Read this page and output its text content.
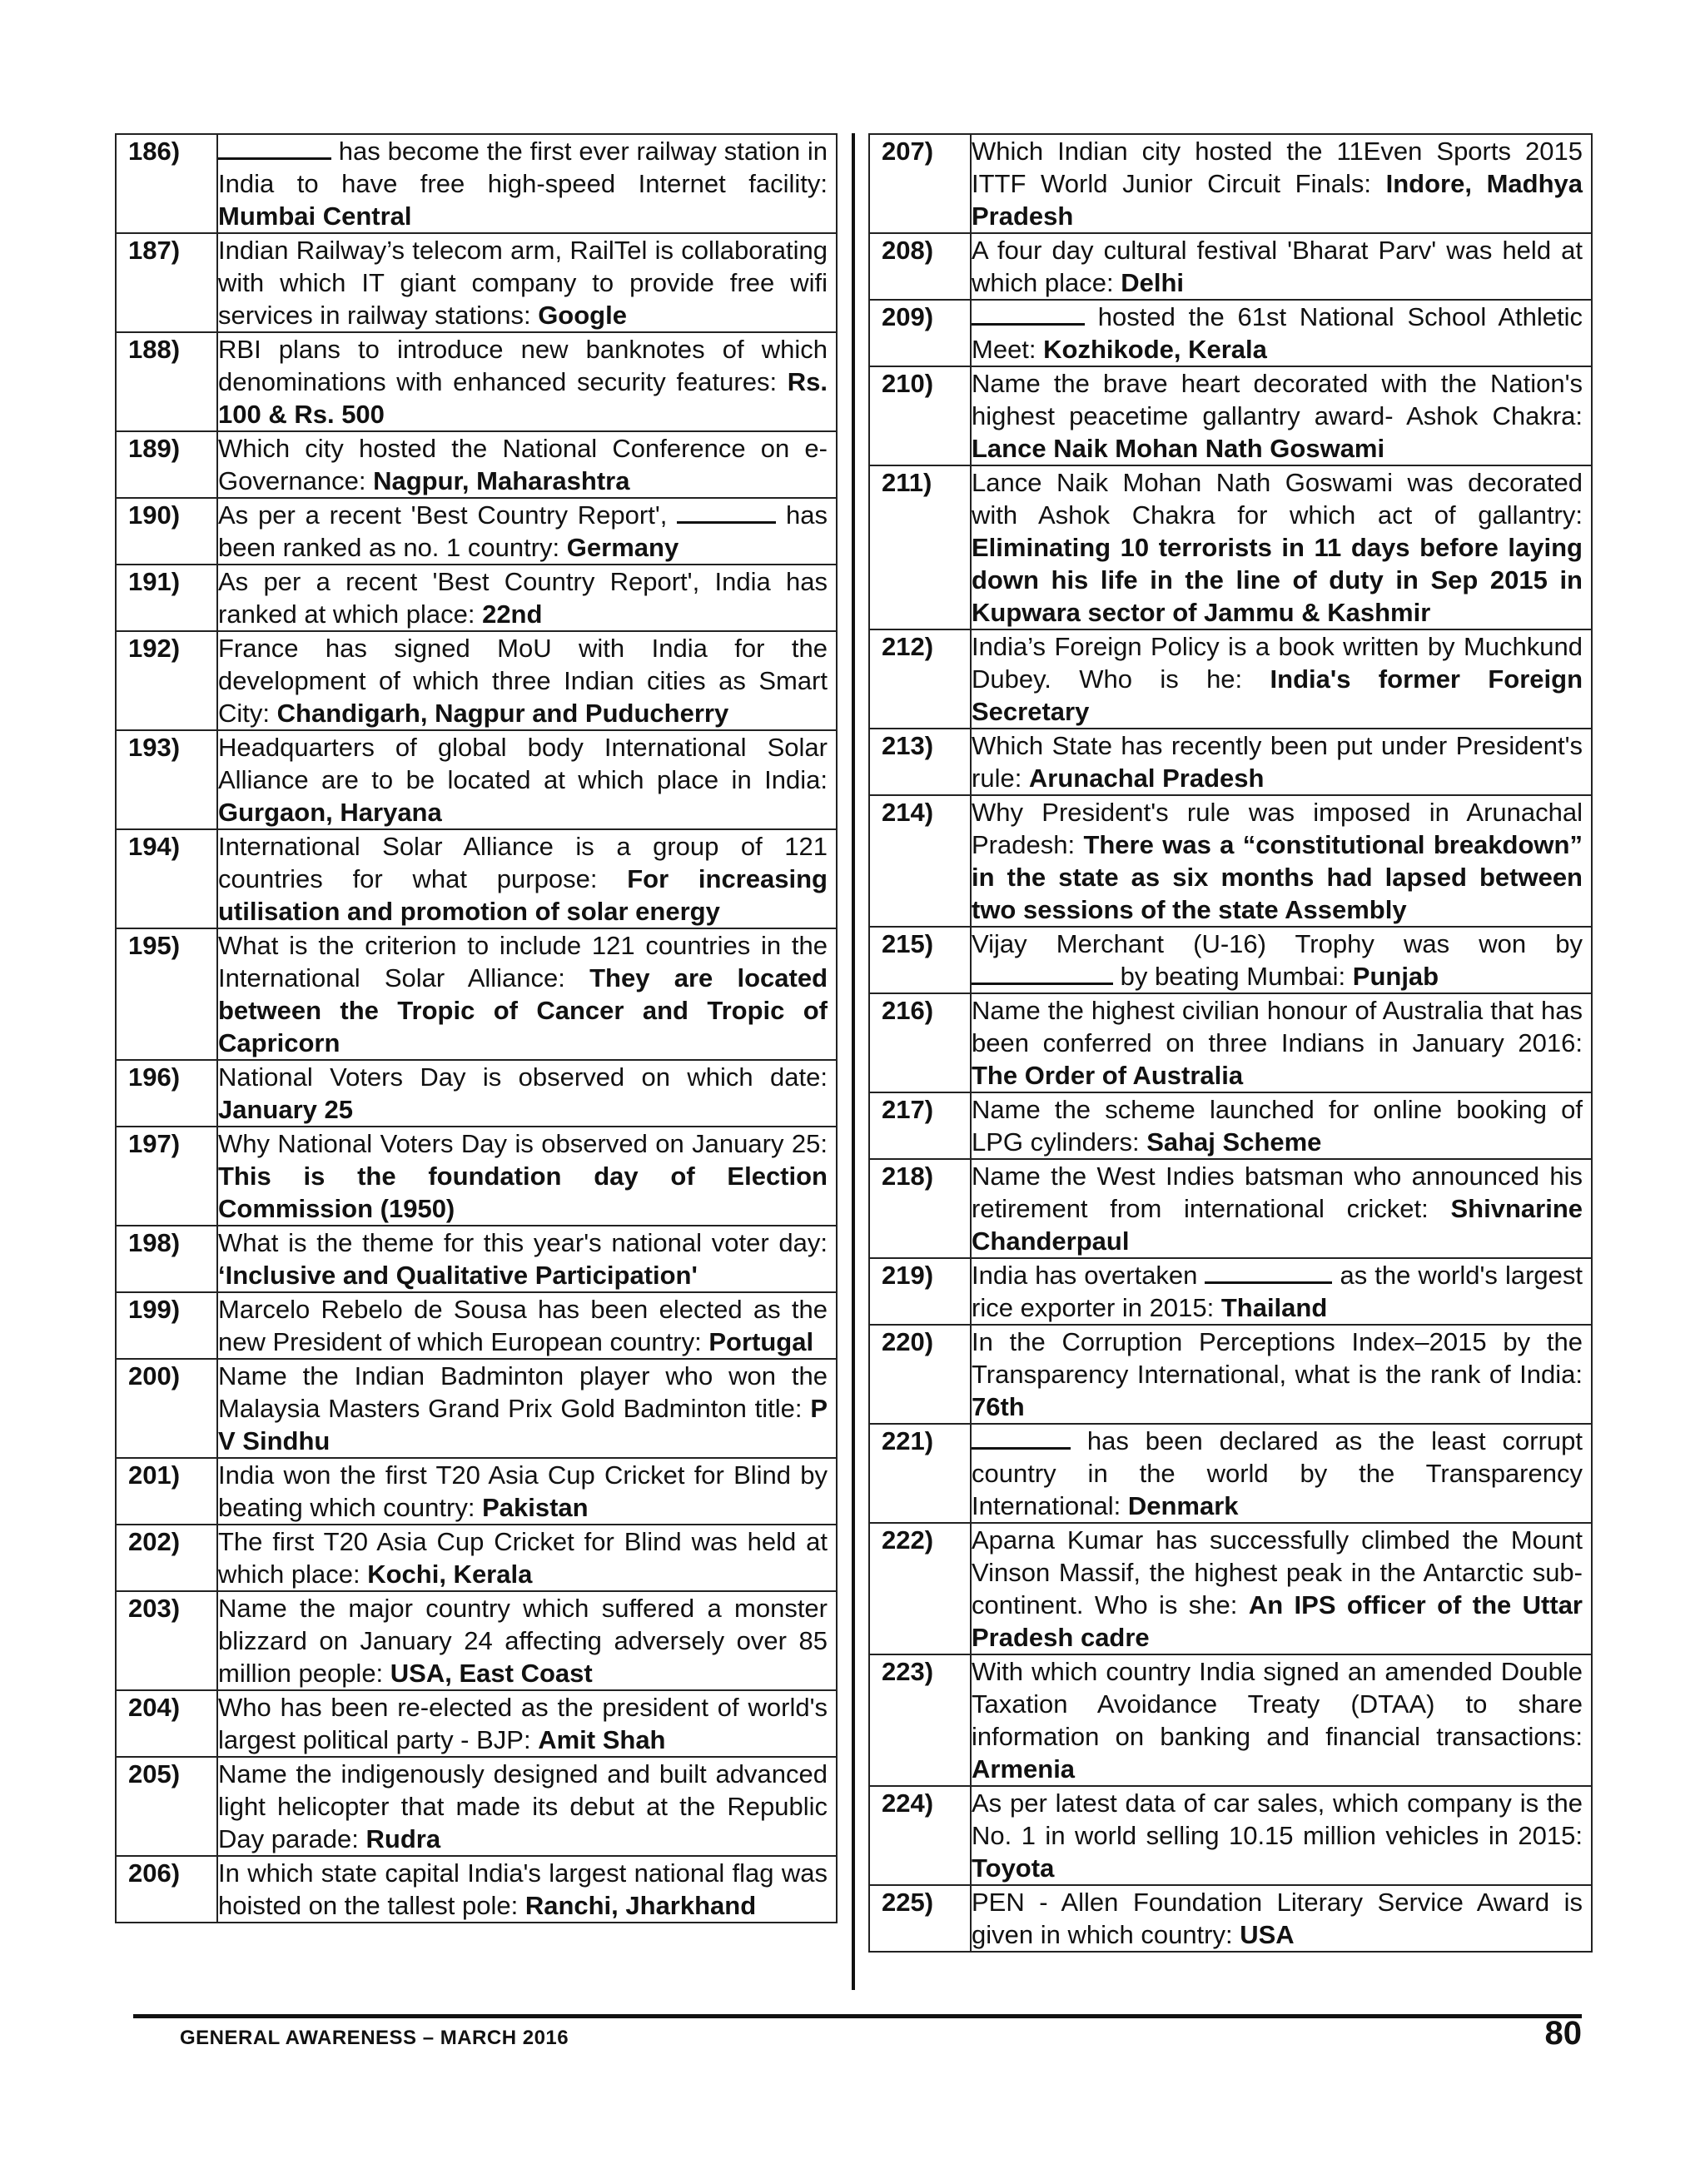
186)	has become the first ever railway station in India to have free high-speed Internet facility: Mumbai Central
187)	Indian Railway’s telecom arm, RailTel is collaborating with which IT giant company to provide free wifi services in railway stations: Google
188)	RBI plans to introduce new banknotes of which denominations with enhanced security features: Rs. 100 & Rs. 500
189)	Which city hosted the National Conference on e-Governance: Nagpur, Maharashtra
190)	As per a recent 'Best Country Report', has been ranked as no. 1 country: Germany
191)	As per a recent 'Best Country Report', India has ranked at which place: 22nd
192)	France has signed MoU with India for the development of which three Indian cities as Smart City: Chandigarh, Nagpur and Puducherry
193)	Headquarters of global body International Solar Alliance are to be located at which place in India: Gurgaon, Haryana
194)	International Solar Alliance is a group of 121 countries for what purpose: For increasing utilisation and promotion of solar energy
195)	What is the criterion to include 121 countries in the International Solar Alliance: They are located between the Tropic of Cancer and Tropic of Capricorn
196)	National Voters Day is observed on which date: January 25
197)	Why National Voters Day is observed on January 25: This is the foundation day of Election Commission (1950)
198)	What is the theme for this year's national voter day: ‘Inclusive and Qualitative Participation'
199)	Marcelo Rebelo de Sousa has been elected as the new President of which European country: Portugal
200)	Name the Indian Badminton player who won the Malaysia Masters Grand Prix Gold Badminton title: P V Sindhu
201)	India won the first T20 Asia Cup Cricket for Blind by beating which country: Pakistan
202)	The first T20 Asia Cup Cricket for Blind was held at which place: Kochi, Kerala
203)	Name the major country which suffered a monster blizzard on January 24 affecting adversely over 85 million people: USA, East Coast
204)	Who has been re-elected as the president of world's largest political party - BJP: Amit Shah
205)	Name the indigenously designed and built advanced light helicopter that made its debut at the Republic Day parade: Rudra
206)	In which state capital India's largest national flag was hoisted on the tallest pole: Ranchi, Jharkhand
207)	Which Indian city hosted the 11Even Sports 2015 ITTF World Junior Circuit Finals: Indore, Madhya Pradesh
208)	A four day cultural festival 'Bharat Parv' was held at which place: Delhi
209)	hosted the 61st National School Athletic Meet: Kozhikode, Kerala
210)	Name the brave heart decorated with the Nation's highest peacetime gallantry award- Ashok Chakra: Lance Naik Mohan Nath Goswami
211)	Lance Naik Mohan Nath Goswami was decorated with Ashok Chakra for which act of gallantry: Eliminating 10 terrorists in 11 days before laying down his life in the line of duty in Sep 2015 in Kupwara sector of Jammu & Kashmir
212)	India’s Foreign Policy is a book written by Muchkund Dubey. Who is he: India's former Foreign Secretary
213)	Which State has recently been put under President's rule: Arunachal Pradesh
214)	Why President's rule was imposed in Arunachal Pradesh: There was a “constitutional breakdown” in the state as six months had lapsed between two sessions of the state Assembly
215)	Vijay Merchant (U-16) Trophy was won by  by beating Mumbai: Punjab
216)	Name the highest civilian honour of Australia that has been conferred on three Indians in January 2016: The Order of Australia
217)	Name the scheme launched for online booking of LPG cylinders: Sahaj Scheme
218)	Name the West Indies batsman who announced his retirement from international cricket: Shivnarine Chanderpaul
219)	India has overtaken as the world's largest rice exporter in 2015: Thailand
220)	In the Corruption Perceptions Index–2015 by the Transparency International, what is the rank of India: 76th
221)	has been declared as the least corrupt country in the world by the Transparency International: Denmark
222)	Aparna Kumar has successfully climbed the Mount Vinson Massif, the highest peak in the Antarctic sub-continent. Who is she: An IPS officer of the Uttar Pradesh cadre
223)	With which country India signed an amended Double Taxation Avoidance Treaty (DTAA) to share information on banking and financial transactions: Armenia
224)	As per latest data of car sales, which company is the No. 1 in world selling 10.15 million vehicles in 2015: Toyota
225)	PEN - Allen Foundation Literary Service Award is given in which country: USA
GENERAL AWARENESS – MARCH 2016	80
